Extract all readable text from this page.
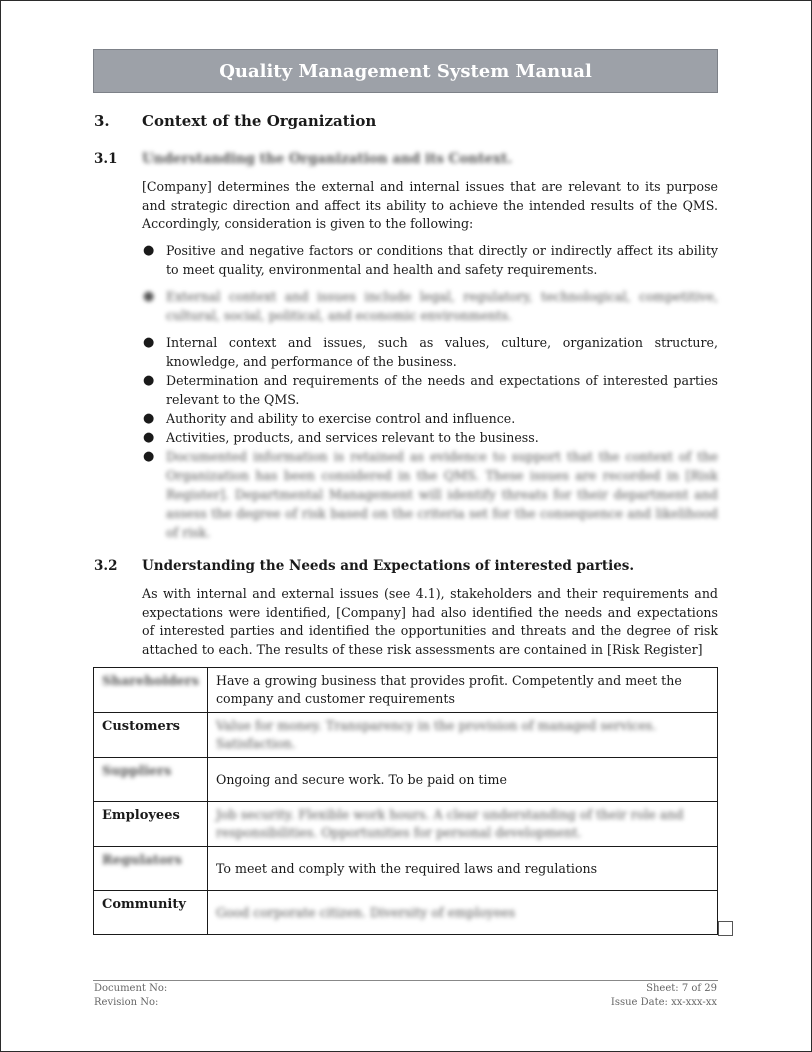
Quality Management System Manual
3. Context of the Organization
3.1 Understanding the Organization and its Context.
[Company] determines the external and internal issues that are relevant to its purpose and strategic direction and affect its ability to achieve the intended results of the QMS. Accordingly, consideration is given to the following:
● Positive and negative factors or conditions that directly or indirectly affect its ability to meet quality, environmental and health and safety requirements.
● External context and issues include legal, regulatory, technological, competitive, cultural, social, political, and economic environments.
● Internal context and issues, such as values, culture, organization structure, knowledge, and performance of the business.
● Determination and requirements of the needs and expectations of interested parties relevant to the QMS.
● Authority and ability to exercise control and influence.
● Activities, products, and services relevant to the business.
● Documented information is retained as evidence to support that the context of the Organization has been considered in the QMS. These issues are recorded in [Risk Register]. Departmental Management will identify threats for their department and assess the degree of risk based on the criteria set for the consequence and likelihood of risk.
3.2 Understanding the Needs and Expectations of interested parties.
As with internal and external issues (see 4.1), stakeholders and their requirements and expectations were identified, [Company] had also identified the needs and expectations of interested parties and identified the opportunities and threats and the degree of risk attached to each. The results of these risk assessments are contained in [Risk Register]
Shareholders	Have a growing business that provides profit. Competently and meet the company and customer requirements
Customers	Value for money. Transparency in the provision of managed services. Satisfaction.
Suppliers	Ongoing and secure work. To be paid on time
Employees	Job security. Flexible work hours. A clear understanding of their role and responsibilities. Opportunities for personal development.
Regulators	To meet and comply with the required laws and regulations
Community	Good corporate citizen. Diversity of employees
Document No:
Revision No:
Sheet: 7 of 29
Issue Date: xx-xxx-xx
